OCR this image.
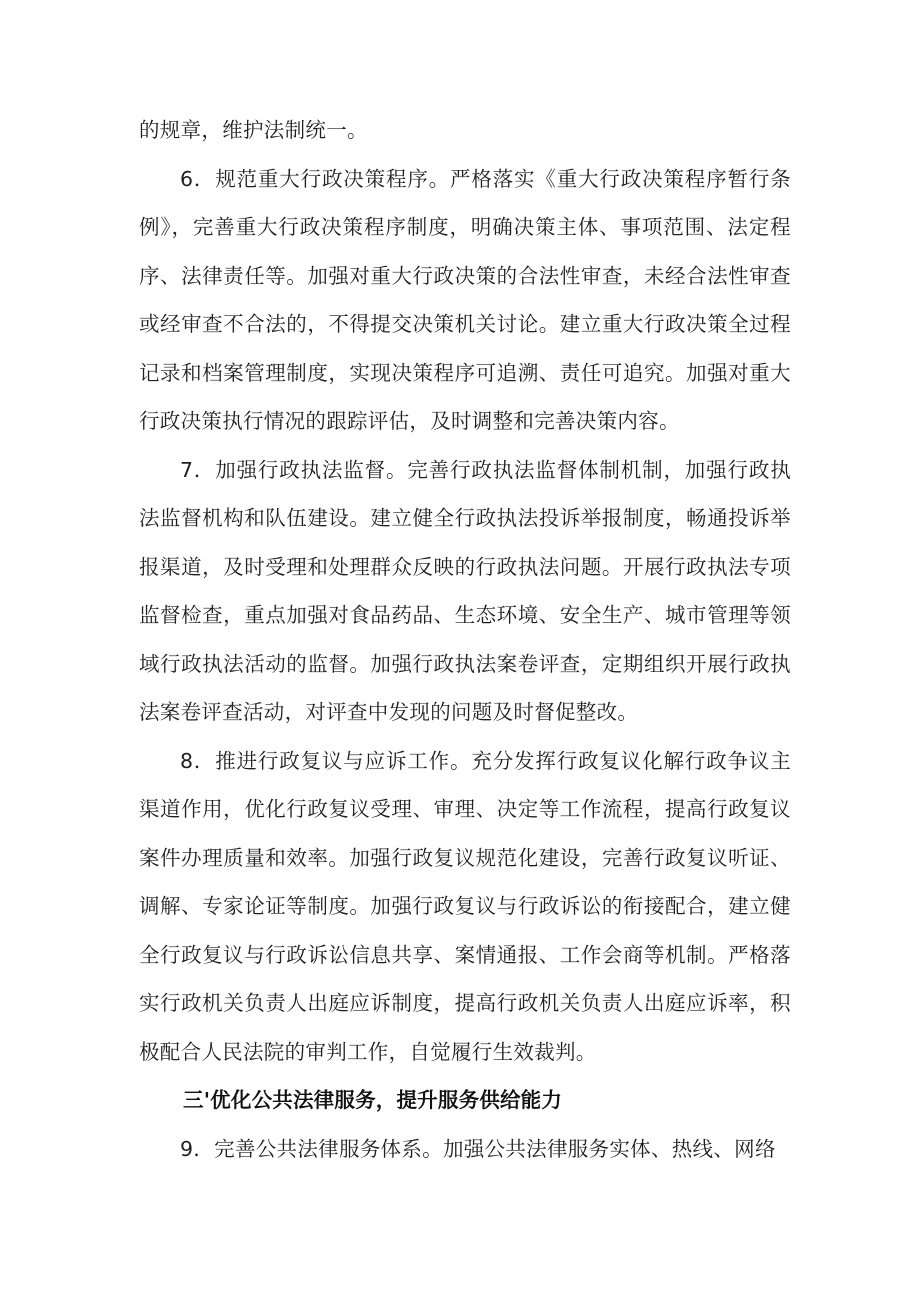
的规章，维护法制统一。

6．规范重大行政决策程序。严格落实《重大行政决策程序暂行条例》，完善重大行政决策程序制度，明确决策主体、事项范围、法定程序、法律责任等。加强对重大行政决策的合法性审查，未经合法性审查或经审查不合法的，不得提交决策机关讨论。建立重大行政决策全过程记录和档案管理制度，实现决策程序可追溯、责任可追究。加强对重大行政决策执行情况的跟踪评估，及时调整和完善决策内容。

7．加强行政执法监督。完善行政执法监督体制机制，加强行政执法监督机构和队伍建设。建立健全行政执法投诉举报制度，畅通投诉举报渠道，及时受理和处理群众反映的行政执法问题。开展行政执法专项监督检查，重点加强对食品药品、生态环境、安全生产、城市管理等领域行政执法活动的监督。加强行政执法案卷评查，定期组织开展行政执法案卷评查活动，对评查中发现的问题及时督促整改。

8．推进行政复议与应诉工作。充分发挥行政复议化解行政争议主渠道作用，优化行政复议受理、审理、决定等工作流程，提高行政复议案件办理质量和效率。加强行政复议规范化建设，完善行政复议听证、调解、专家论证等制度。加强行政复议与行政诉讼的衔接配合，建立健全行政复议与行政诉讼信息共享、案情通报、工作会商等机制。严格落实行政机关负责人出庭应诉制度，提高行政机关负责人出庭应诉率，积极配合人民法院的审判工作，自觉履行生效裁判。

三'优化公共法律服务，提升服务供给能力

9．完善公共法律服务体系。加强公共法律服务实体、热线、网络
